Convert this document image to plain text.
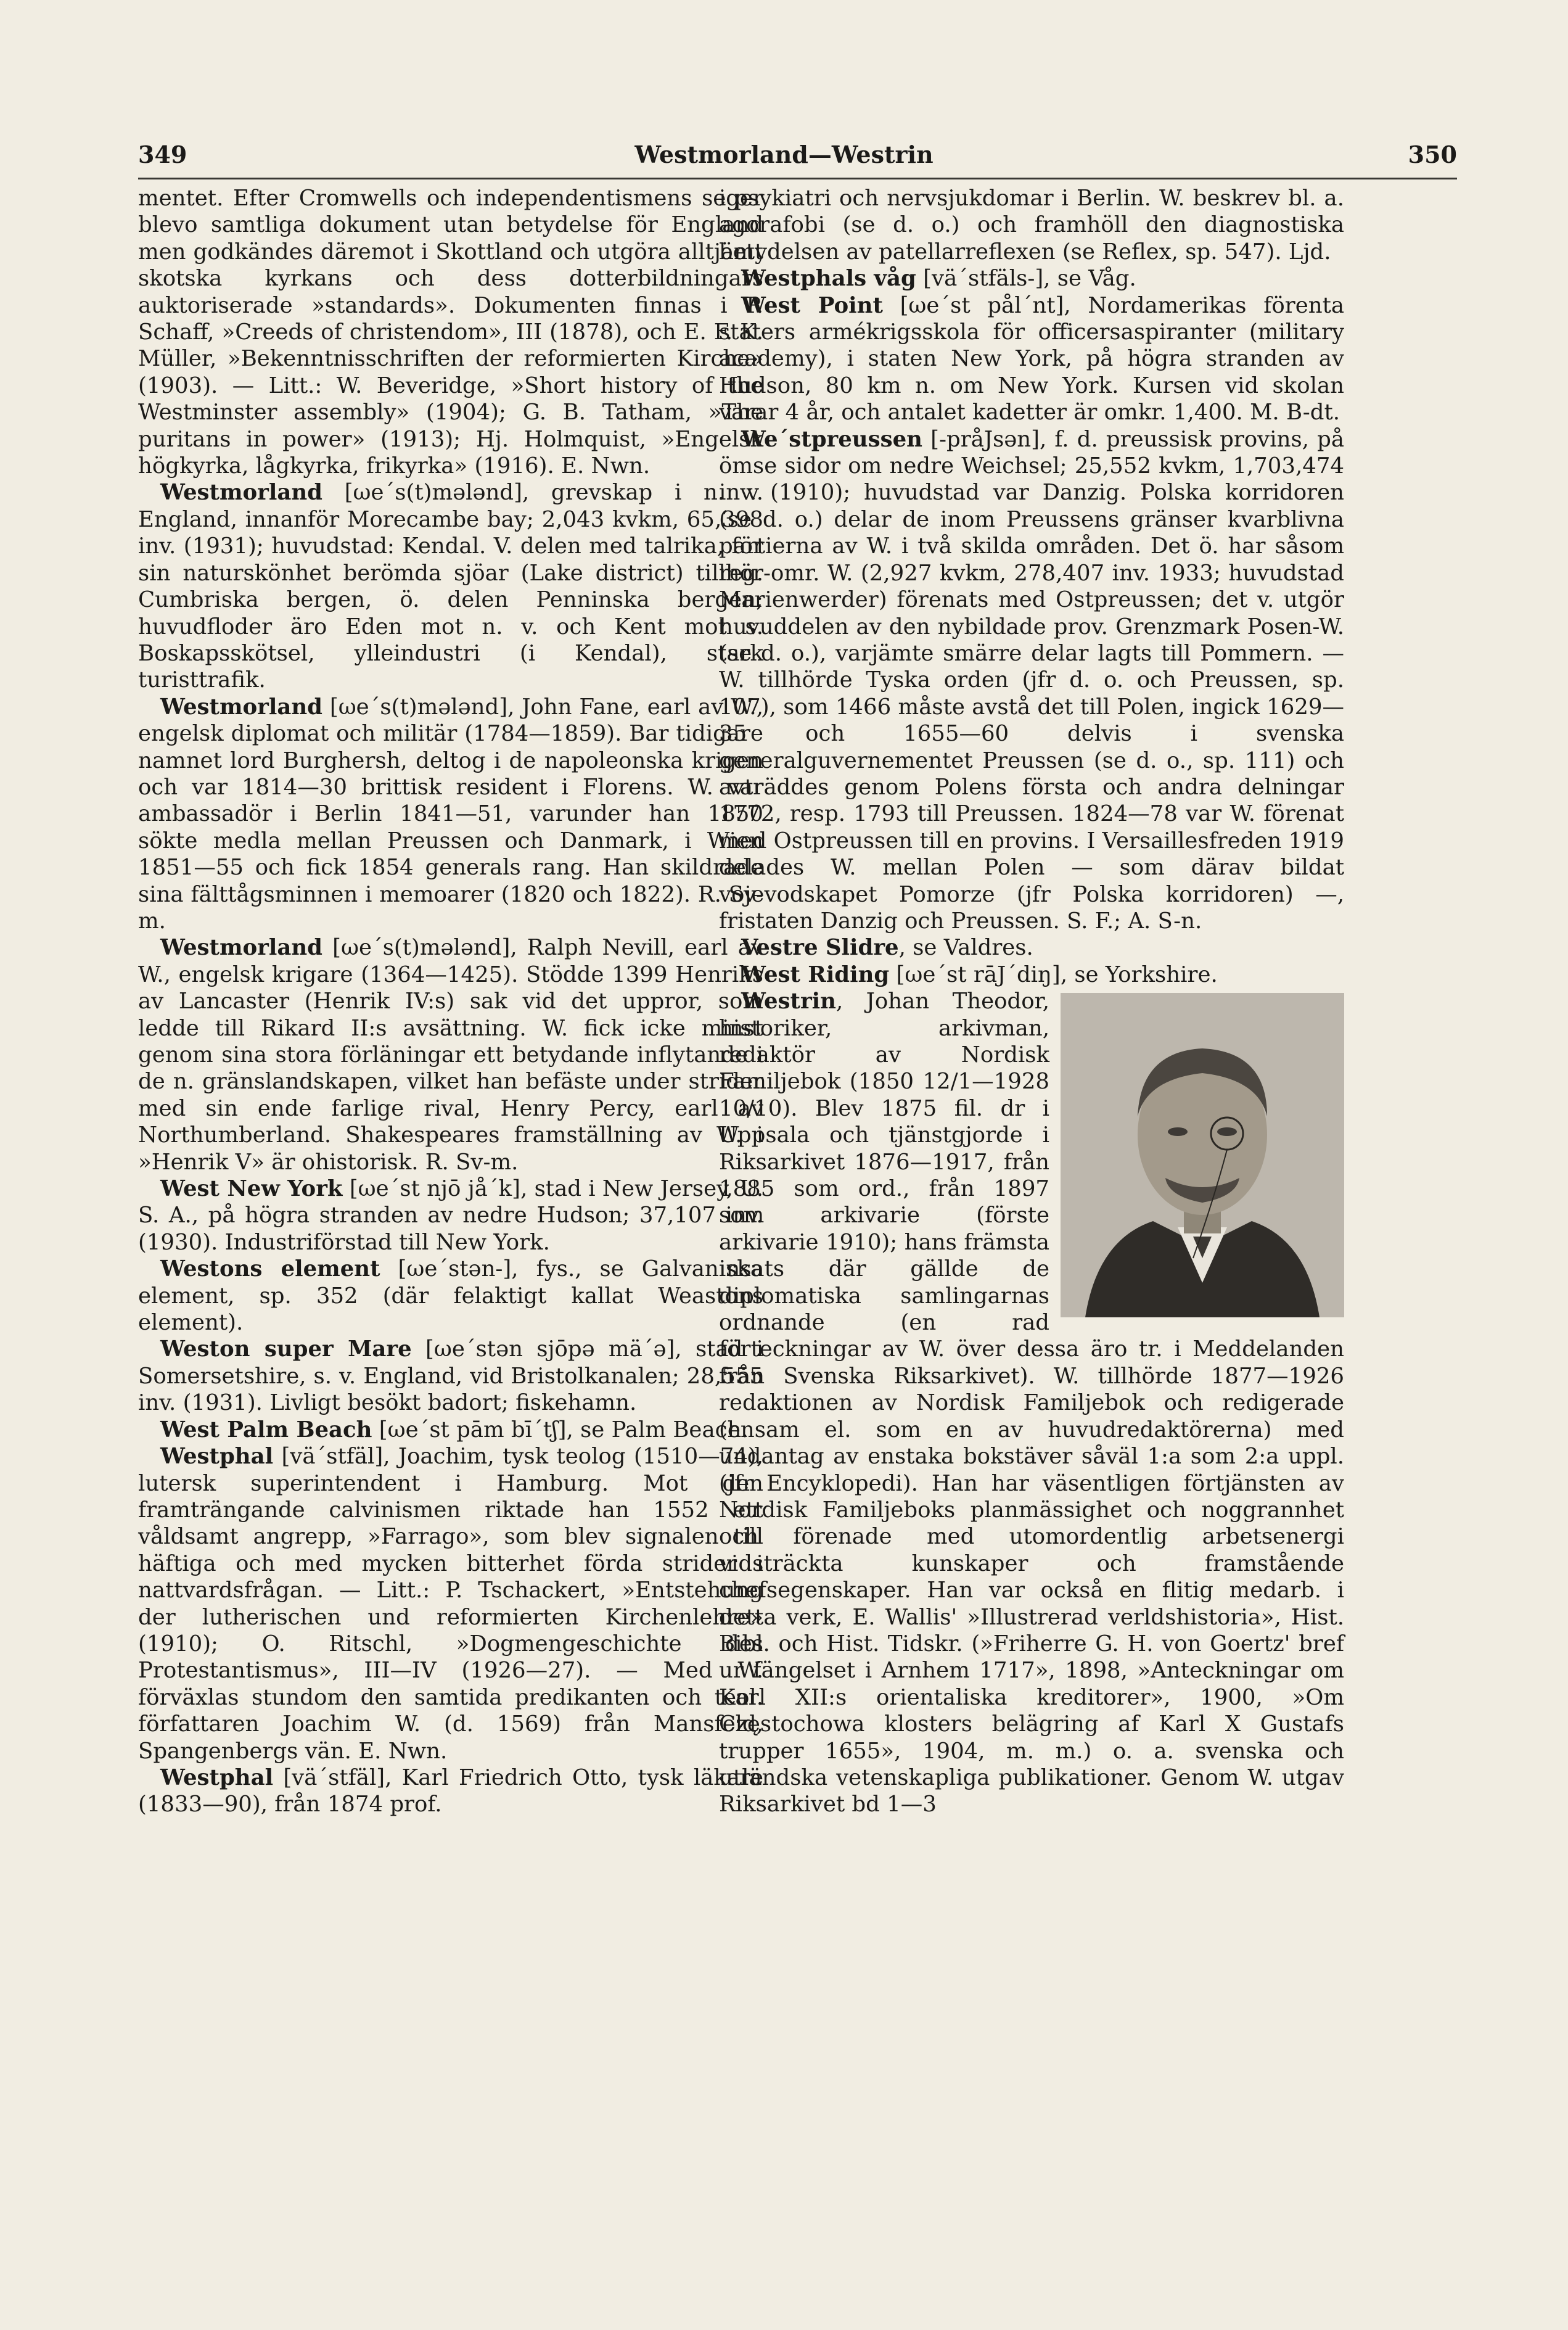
349	Westmorland—Westrin	350

mentet. Efter Cromwells och independentismens seger blevo samtliga dokument utan betydelse för England men godkändes däremot i Skottland och utgöra alltjämt skotska kyrkans och dess dotterbildningars auktoriserade »standards». Dokumenten finnas i P. Schaff, »Creeds of christendom», III (1878), och E. F. K. Müller, »Bekenntnisschriften der reformierten Kirche» (1903). — Litt.: W. Beveridge, »Short history of the Westminster assembly» (1904); G. B. Tatham, »The puritans in power» (1913); Hj. Holmquist, »Engelsk högkyrka, lågkyrka, frikyrka» (1916). E. Nwn.

Westmorland [ωe´s(t)mələnd], grevskap i n. v. England, innanför Morecambe bay; 2,043 kvkm, 65,398 inv. (1931); huvudstad: Kendal. V. delen med talrika, för sin naturskönhet berömda sjöar (Lake district) tillhör Cumbriska bergen, ö. delen Penninska bergen; huvudfloder äro Eden mot n. v. och Kent mot s. Boskapsskötsel, ylleindustri (i Kendal), stark turisttrafik.

Westmorland [ωe´s(t)mələnd], John Fane, earl av W., engelsk diplomat och militär (1784—1859). Bar tidigare namnet lord Burghersh, deltog i de napoleonska krigen och var 1814—30 brittisk resident i Florens. W. var ambassadör i Berlin 1841—51, varunder han 1850 sökte medla mellan Preussen och Danmark, i Wien 1851—55 och fick 1854 generals rang. Han skildrade sina fälttågsminnen i memoarer (1820 och 1822). R. Sv-m.

Westmorland [ωe´s(t)mələnd], Ralph Nevill, earl av W., engelsk krigare (1364—1425). Stödde 1399 Henriks av Lancaster (Henrik IV:s) sak vid det uppror, som ledde till Rikard II:s avsättning. W. fick icke minst genom sina stora förläningar ett betydande inflytande i de n. gränslandskapen, vilket han befäste under strider med sin ende farlige rival, Henry Percy, earl av Northumberland. Shakespeares framställning av W. i »Henrik V» är ohistorisk. R. Sv-m.

West New York [ωe´st njō jå´k], stad i New Jersey, U. S. A., på högra stranden av nedre Hudson; 37,107 inv. (1930). Industriförstad till New York.

Westons element [ωe´stən-], fys., se Galvaniska element, sp. 352 (där felaktigt kallat Weastons element).

Weston super Mare [ωe´stən sjōpə mä´ə], stad i Somersetshire, s. v. England, vid Bristolkanalen; 28,555 inv. (1931). Livligt besökt badort; fiskehamn.

West Palm Beach [ωe´st pām bī´tʃ], se Palm Beach.

Westphal [vä´stfäl], Joachim, tysk teolog (1510—74), lutersk superintendent i Hamburg. Mot den framträngande calvinismen riktade han 1552 ett våldsamt angrepp, »Farrago», som blev signalen till häftiga och med mycken bitterhet förda strider i nattvardsfrågan. — Litt.: P. Tschackert, »Entstehung der lutherischen und reformierten Kirchenlehre» (1910); O. Ritschl, »Dogmengeschichte des Protestantismus», III—IV (1926—27). — Med W. förväxlas stundom den samtida predikanten och teol. författaren Joachim W. (d. 1569) från Mansfeld, Spangenbergs vän. E. Nwn.

Westphal [vä´stfäl], Karl Friedrich Otto, tysk läkare (1833—90), från 1874 prof.

i psykiatri och nervsjukdomar i Berlin. W. beskrev bl. a. agorafobi (se d. o.) och framhöll den diagnostiska betydelsen av patellarreflexen (se Reflex, sp. 547). Ljd.

Westphals våg [vä´stfäls-], se Våg.

West Point [ωe´st pål´nt], Nordamerikas förenta staters armékrigsskola för officersaspiranter (military academy), i staten New York, på högra stranden av Hudson, 80 km n. om New York. Kursen vid skolan varar 4 år, och antalet kadetter är omkr. 1,400. M. B-dt.

We´stpreussen [-pråJsən], f. d. preussisk provins, på ömse sidor om nedre Weichsel; 25,552 kvkm, 1,703,474 inv. (1910); huvudstad var Danzig. Polska korridoren (se d. o.) delar de inom Preussens gränser kvarblivna partierna av W. i två skilda områden. Det ö. har såsom reg.-omr. W. (2,927 kvkm, 278,407 inv. 1933; huvudstad Marienwerder) förenats med Ostpreussen; det v. utgör huvuddelen av den nybildade prov. Grenzmark Posen-W. (se d. o.), varjämte smärre delar lagts till Pommern. — W. tillhörde Tyska orden (jfr d. o. och Preussen, sp. 107), som 1466 måste avstå det till Polen, ingick 1629—35 och 1655—60 delvis i svenska generalguvernementet Preussen (se d. o., sp. 111) och avträddes genom Polens första och andra delningar 1772, resp. 1793 till Preussen. 1824—78 var W. förenat med Ostpreussen till en provins. I Versaillesfreden 1919 delades W. mellan Polen — som därav bildat vojevodskapet Pomorze (jfr Polska korridoren) —, fristaten Danzig och Preussen. S. F.; A. S-n.

Vestre Slidre, se Valdres.

West Riding [ωe´st rāJ´diŋ], se Yorkshire.

Westrin, Johan Theodor, historiker, arkivman, redaktör av Nordisk Familjebok (1850 12/1—1928 10/10). Blev 1875 fil. dr i Uppsala och tjänstgjorde i Riksarkivet 1876—1917, från 1885 som ord., från 1897 som arkivarie (förste arkivarie 1910); hans främsta insats där gällde de diplomatiska samlingarnas ordnande (en rad förteckningar av W. över dessa äro tr. i Meddelanden från Svenska Riksarkivet). W. tillhörde 1877—1926 redaktionen av Nordisk Familjebok och redigerade (ensam el. som en av huvudredaktörerna) med undantag av enstaka bokstäver såväl 1:a som 2:a uppl. (jfr Encyklopedi). Han har väsentligen förtjänsten av Nordisk Familjeboks planmässighet och noggrannhet och förenade med utomordentlig arbetsenergi vidsträckta kunskaper och framstående chefsegenskaper. Han var också en flitig medarb. i detta verk, E. Wallis' »Illustrerad verldshistoria», Hist. Bibl. och Hist. Tidskr. (»Friherre G. H. von Goertz' bref ur fängelset i Arnhem 1717», 1898, »Anteckningar om Karl XII:s orientaliska kreditorer», 1900, »Om Częstochowa klosters belägring af Karl X Gustafs trupper 1655», 1904, m. m.) o. a. svenska och utländska vetenskapliga publikationer. Genom W. utgav Riksarkivet bd 1—3
